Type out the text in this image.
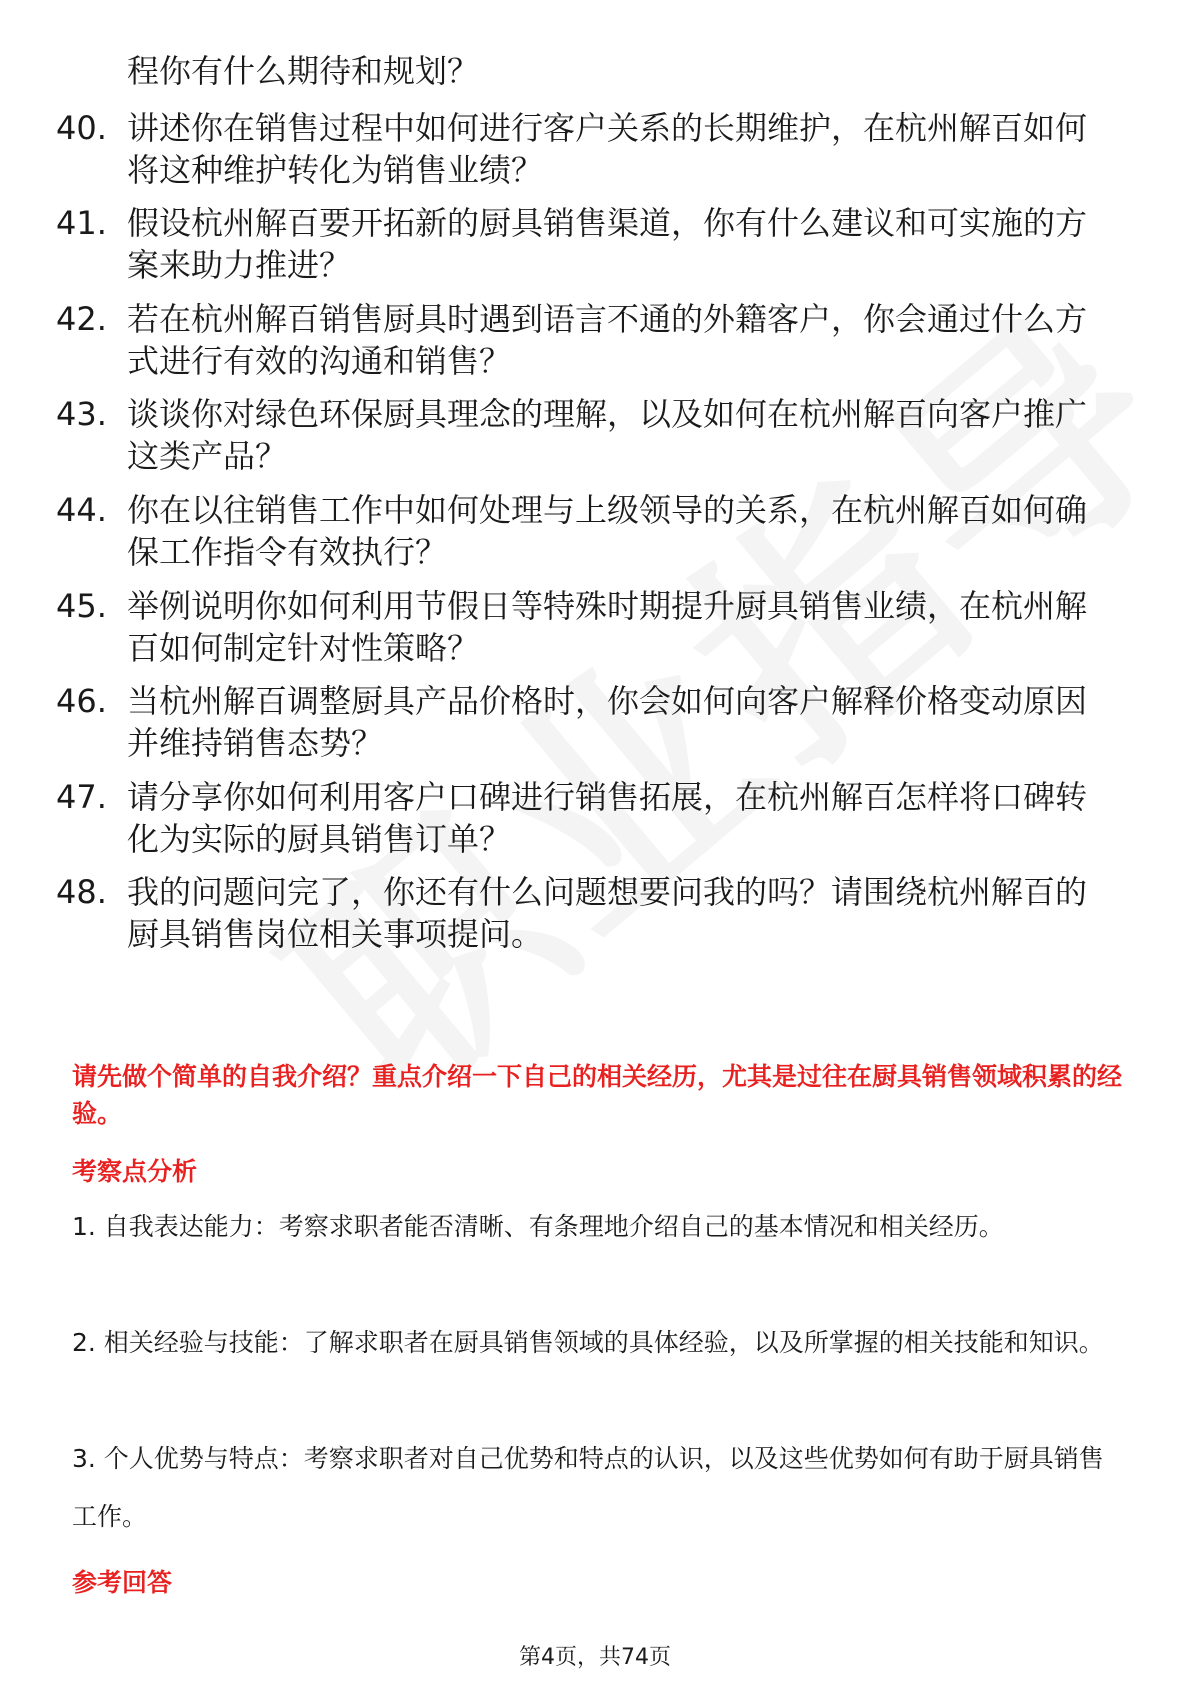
程你有什么期待和规划？
40. 讲述你在销售过程中如何进行客户关系的长期维护，在杭州解百如何将这种维护转化为销售业绩？
41. 假设杭州解百要开拓新的厨具销售渠道，你有什么建议和可实施的方案来助力推进？
42. 若在杭州解百销售厨具时遇到语言不通的外籍客户，你会通过什么方式进行有效的沟通和销售？
43. 谈谈你对绿色环保厨具理念的理解，以及如何在杭州解百向客户推广这类产品？
44. 你在以往销售工作中如何处理与上级领导的关系，在杭州解百如何确保工作指令有效执行？
45. 举例说明你如何利用节假日等特殊时期提升厨具销售业绩，在杭州解百如何制定针对性策略？
46. 当杭州解百调整厨具产品价格时，你会如何向客户解释价格变动原因并维持销售态势？
47. 请分享你如何利用客户口碑进行销售拓展，在杭州解百怎样将口碑转化为实际的厨具销售订单？
48. 我的问题问完了，你还有什么问题想要问我的吗？请围绕杭州解百的厨具销售岗位相关事项提问。
请先做个简单的自我介绍？重点介绍一下自己的相关经历，尤其是过往在厨具销售领域积累的经验。
考察点分析
1. 自我表达能力：考察求职者能否清晰、有条理地介绍自己的基本情况和相关经历。
2. 相关经验与技能：了解求职者在厨具销售领域的具体经验，以及所掌握的相关技能和知识。
3. 个人优势与特点：考察求职者对自己优势和特点的认识，以及这些优势如何有助于厨具销售工作。
参考回答
第4页，共74页
